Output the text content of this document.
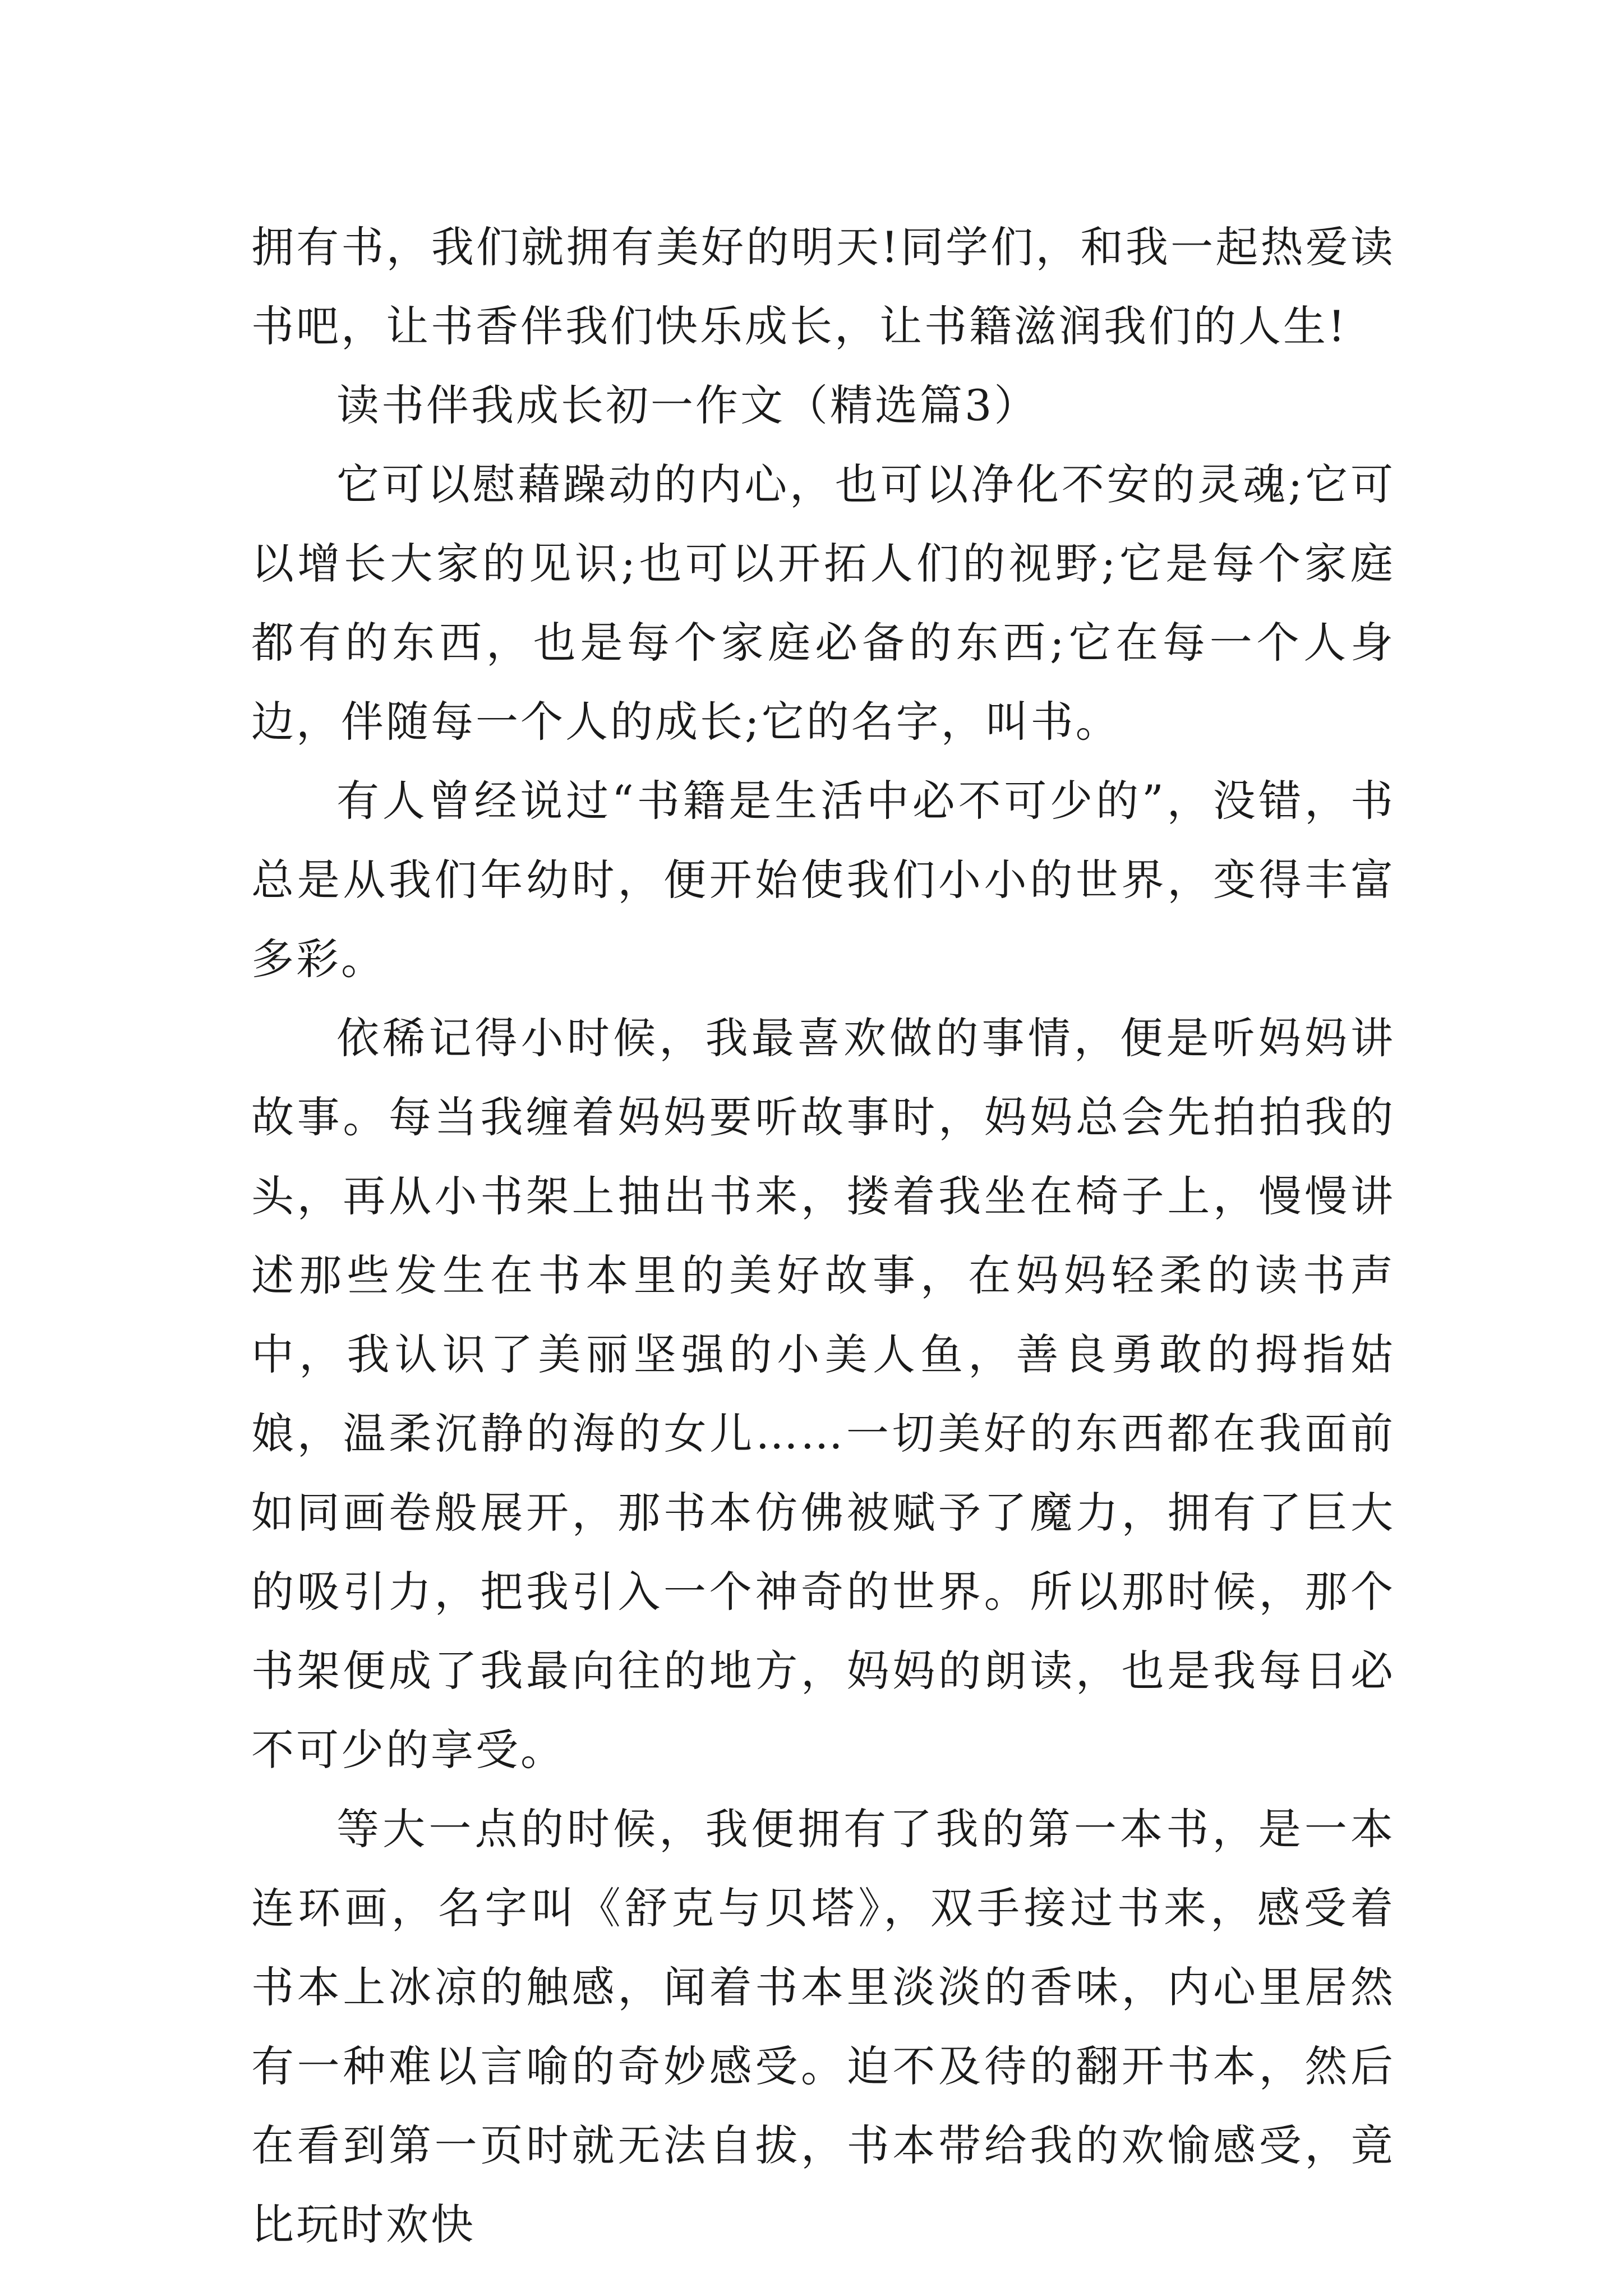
拥有书，我们就拥有美好的明天!同学们，和我一起热爱读书吧，让书香伴我们快乐成长，让书籍滋润我们的人生!

读书伴我成长初一作文（精选篇3）

它可以慰藉躁动的内心，也可以净化不安的灵魂;它可以增长大家的见识;也可以开拓人们的视野;它是每个家庭都有的东西，也是每个家庭必备的东西;它在每一个人身边，伴随每一个人的成长;它的名字，叫书。

有人曾经说过“书籍是生活中必不可少的”，没错，书总是从我们年幼时，便开始使我们小小的世界，变得丰富多彩。

依稀记得小时候，我最喜欢做的事情，便是听妈妈讲故事。每当我缠着妈妈要听故事时，妈妈总会先拍拍我的头，再从小书架上抽出书来，搂着我坐在椅子上，慢慢讲述那些发生在书本里的美好故事，在妈妈轻柔的读书声中，我认识了美丽坚强的小美人鱼，善良勇敢的拇指姑娘，温柔沉静的海的女儿……一切美好的东西都在我面前如同画卷般展开，那书本仿佛被赋予了魔力，拥有了巨大的吸引力，把我引入一个神奇的世界。所以那时候，那个书架便成了我最向往的地方，妈妈的朗读，也是我每日必不可少的享受。

等大一点的时候，我便拥有了我的第一本书，是一本连环画，名字叫《舒克与贝塔》，双手接过书来，感受着书本上冰凉的触感，闻着书本里淡淡的香味，内心里居然有一种难以言喻的奇妙感受。迫不及待的翻开书本，然后在看到第一页时就无法自拔，书本带给我的欢愉感受，竟比玩时欢快
